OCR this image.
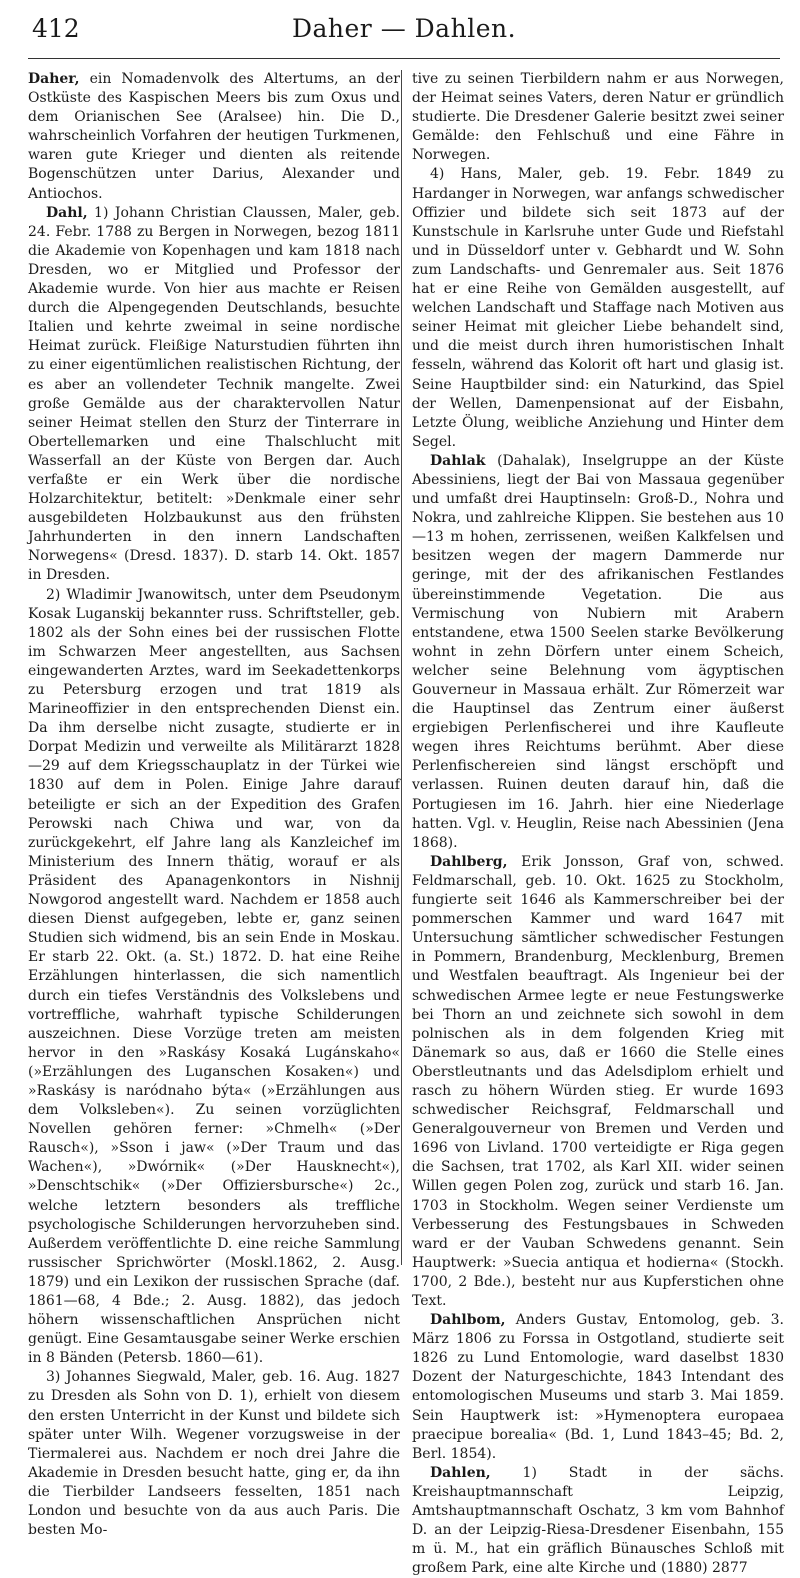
412	Daher — Dahlen.

Daher, ein Nomadenvolk des Altertums, an der Ostküste des Kaspischen Meers bis zum Oxus und dem Orianischen See (Aralsee) hin. Die D., wahrscheinlich Vorfahren der heutigen Turkmenen, waren gute Krieger und dienten als reitende Bogenschützen unter Darius, Alexander und Antiochos.

Dahl, 1) Johann Christian Claussen, Maler, geb. 24. Febr. 1788 zu Bergen in Norwegen, bezog 1811 die Akademie von Kopenhagen und kam 1818 nach Dresden, wo er Mitglied und Professor der Akademie wurde. Von hier aus machte er Reisen durch die Alpengegenden Deutschlands, besuchte Italien und kehrte zweimal in seine nordische Heimat zurück. Fleißige Naturstudien führten ihn zu einer eigentümlichen realistischen Richtung, der es aber an vollendeter Technik mangelte. Zwei große Gemälde aus der charaktervollen Natur seiner Heimat stellen den Sturz der Tinterrare in Obertellemarken und eine Thalschlucht mit Wasserfall an der Küste von Bergen dar. Auch verfaßte er ein Werk über die nordische Holzarchitektur, betitelt: »Denkmale einer sehr ausgebildeten Holzbaukunst aus den frühsten Jahrhunderten in den innern Landschaften Norwegens« (Dresd. 1837). D. starb 14. Okt. 1857 in Dresden.

2) Wladimir Jwanowitsch, unter dem Pseudonym Kosak Luganskij bekannter russ. Schriftsteller, geb. 1802 als der Sohn eines bei der russischen Flotte im Schwarzen Meer angestellten, aus Sachsen eingewanderten Arztes, ward im Seekadettenkorps zu Petersburg erzogen und trat 1819 als Marineoffizier in den entsprechenden Dienst ein. Da ihm derselbe nicht zusagte, studierte er in Dorpat Medizin und verweilte als Militärarzt 1828—29 auf dem Kriegsschauplatz in der Türkei wie 1830 auf dem in Polen. Einige Jahre darauf beteiligte er sich an der Expedition des Grafen Perowski nach Chiwa und war, von da zurückgekehrt, elf Jahre lang als Kanzleichef im Ministerium des Innern thätig, worauf er als Präsident des Apanagenkontors in Nishnij Nowgorod angestellt ward. Nachdem er 1858 auch diesen Dienst aufgegeben, lebte er, ganz seinen Studien sich widmend, bis an sein Ende in Moskau. Er starb 22. Okt. (a. St.) 1872. D. hat eine Reihe Erzählungen hinterlassen, die sich namentlich durch ein tiefes Verständnis des Volkslebens und vortreffliche, wahrhaft typische Schilderungen auszeichnen. Diese Vorzüge treten am meisten hervor in den »Raskásy Kosaká Lugánskaho« (»Erzählungen des Luganschen Kosaken«) und »Raskásy is naródnaho býta« (»Erzählungen aus dem Volksleben«). Zu seinen vorzüglichten Novellen gehören ferner: »Chmelh« (»Der Rausch«), »Sson i jaw« (»Der Traum und das Wachen«), »Dwórnik« (»Der Hausknecht«), »Denschtschik« (»Der Offiziersbursche«) 2c., welche letztern besonders als treffliche psychologische Schilderungen hervorzuheben sind. Außerdem veröffentlichte D. eine reiche Sammlung russischer Sprichwörter (Moskl.1862, 2. Ausg. 1879) und ein Lexikon der russischen Sprache (daf. 1861—68, 4 Bde.; 2. Ausg. 1882), das jedoch höhern wissenschaftlichen Ansprüchen nicht genügt. Eine Gesamtausgabe seiner Werke erschien in 8 Bänden (Petersb. 1860—61).

3) Johannes Siegwald, Maler, geb. 16. Aug. 1827 zu Dresden als Sohn von D. 1), erhielt von diesem den ersten Unterricht in der Kunst und bildete sich später unter Wilh. Wegener vorzugsweise in der Tiermalerei aus. Nachdem er noch drei Jahre die Akademie in Dresden besucht hatte, ging er, da ihn die Tierbilder Landseers fesselten, 1851 nach London und besuchte von da aus auch Paris. Die besten Mo-

tive zu seinen Tierbildern nahm er aus Norwegen, der Heimat seines Vaters, deren Natur er gründlich studierte. Die Dresdener Galerie besitzt zwei seiner Gemälde: den Fehlschuß und eine Fähre in Norwegen.

4) Hans, Maler, geb. 19. Febr. 1849 zu Hardanger in Norwegen, war anfangs schwedischer Offizier und bildete sich seit 1873 auf der Kunstschule in Karlsruhe unter Gude und Riefstahl und in Düsseldorf unter v. Gebhardt und W. Sohn zum Landschafts- und Genremaler aus. Seit 1876 hat er eine Reihe von Gemälden ausgestellt, auf welchen Landschaft und Staffage nach Motiven aus seiner Heimat mit gleicher Liebe behandelt sind, und die meist durch ihren humoristischen Inhalt fesseln, während das Kolorit oft hart und glasig ist. Seine Hauptbilder sind: ein Naturkind, das Spiel der Wellen, Damenpensionat auf der Eisbahn, Letzte Ölung, weibliche Anziehung und Hinter dem Segel.

Dahlak (Dahalak), Inselgruppe an der Küste Abessiniens, liegt der Bai von Massaua gegenüber und umfaßt drei Hauptinseln: Groß-D., Nohra und Nokra, und zahlreiche Klippen. Sie bestehen aus 10—13 m hohen, zerrissenen, weißen Kalkfelsen und besitzen wegen der magern Dammerde nur geringe, mit der des afrikanischen Festlandes übereinstimmende Vegetation. Die aus Vermischung von Nubiern mit Arabern entstandene, etwa 1500 Seelen starke Bevölkerung wohnt in zehn Dörfern unter einem Scheich, welcher seine Belehnung vom ägyptischen Gouverneur in Massaua erhält. Zur Römerzeit war die Hauptinsel das Zentrum einer äußerst ergiebigen Perlenfischerei und ihre Kaufleute wegen ihres Reichtums berühmt. Aber diese Perlenfischereien sind längst erschöpft und verlassen. Ruinen deuten darauf hin, daß die Portugiesen im 16. Jahrh. hier eine Niederlage hatten. Vgl. v. Heuglin, Reise nach Abessinien (Jena 1868).

Dahlberg, Erik Jonsson, Graf von, schwed. Feldmarschall, geb. 10. Okt. 1625 zu Stockholm, fungierte seit 1646 als Kammerschreiber bei der pommerschen Kammer und ward 1647 mit Untersuchung sämtlicher schwedischer Festungen in Pommern, Brandenburg, Mecklenburg, Bremen und Westfalen beauftragt. Als Ingenieur bei der schwedischen Armee legte er neue Festungswerke bei Thorn an und zeichnete sich sowohl in dem polnischen als in dem folgenden Krieg mit Dänemark so aus, daß er 1660 die Stelle eines Oberstleutnants und das Adelsdiplom erhielt und rasch zu höhern Würden stieg. Er wurde 1693 schwedischer Reichsgraf, Feldmarschall und Generalgouverneur von Bremen und Verden und 1696 von Livland. 1700 verteidigte er Riga gegen die Sachsen, trat 1702, als Karl XII. wider seinen Willen gegen Polen zog, zurück und starb 16. Jan. 1703 in Stockholm. Wegen seiner Verdienste um Verbesserung des Festungsbaues in Schweden ward er der Vauban Schwedens genannt. Sein Hauptwerk: »Suecia antiqua et hodierna« (Stockh. 1700, 2 Bde.), besteht nur aus Kupferstichen ohne Text.

Dahlbom, Anders Gustav, Entomolog, geb. 3. März 1806 zu Forssa in Ostgotland, studierte seit 1826 zu Lund Entomologie, ward daselbst 1830 Dozent der Naturgeschichte, 1843 Intendant des entomologischen Museums und starb 3. Mai 1859. Sein Hauptwerk ist: »Hymenoptera europaea praecipue borealia« (Bd. 1, Lund 1843–45; Bd. 2, Berl. 1854).

Dahlen, 1) Stadt in der sächs. Kreishauptmannschaft Leipzig, Amtshauptmannschaft Oschatz, 3 km vom Bahnhof D. an der Leipzig-Riesa-Dresdener Eisenbahn, 155 m ü. M., hat ein gräflich Bünausches Schloß mit großem Park, eine alte Kirche und (1880) 2877
